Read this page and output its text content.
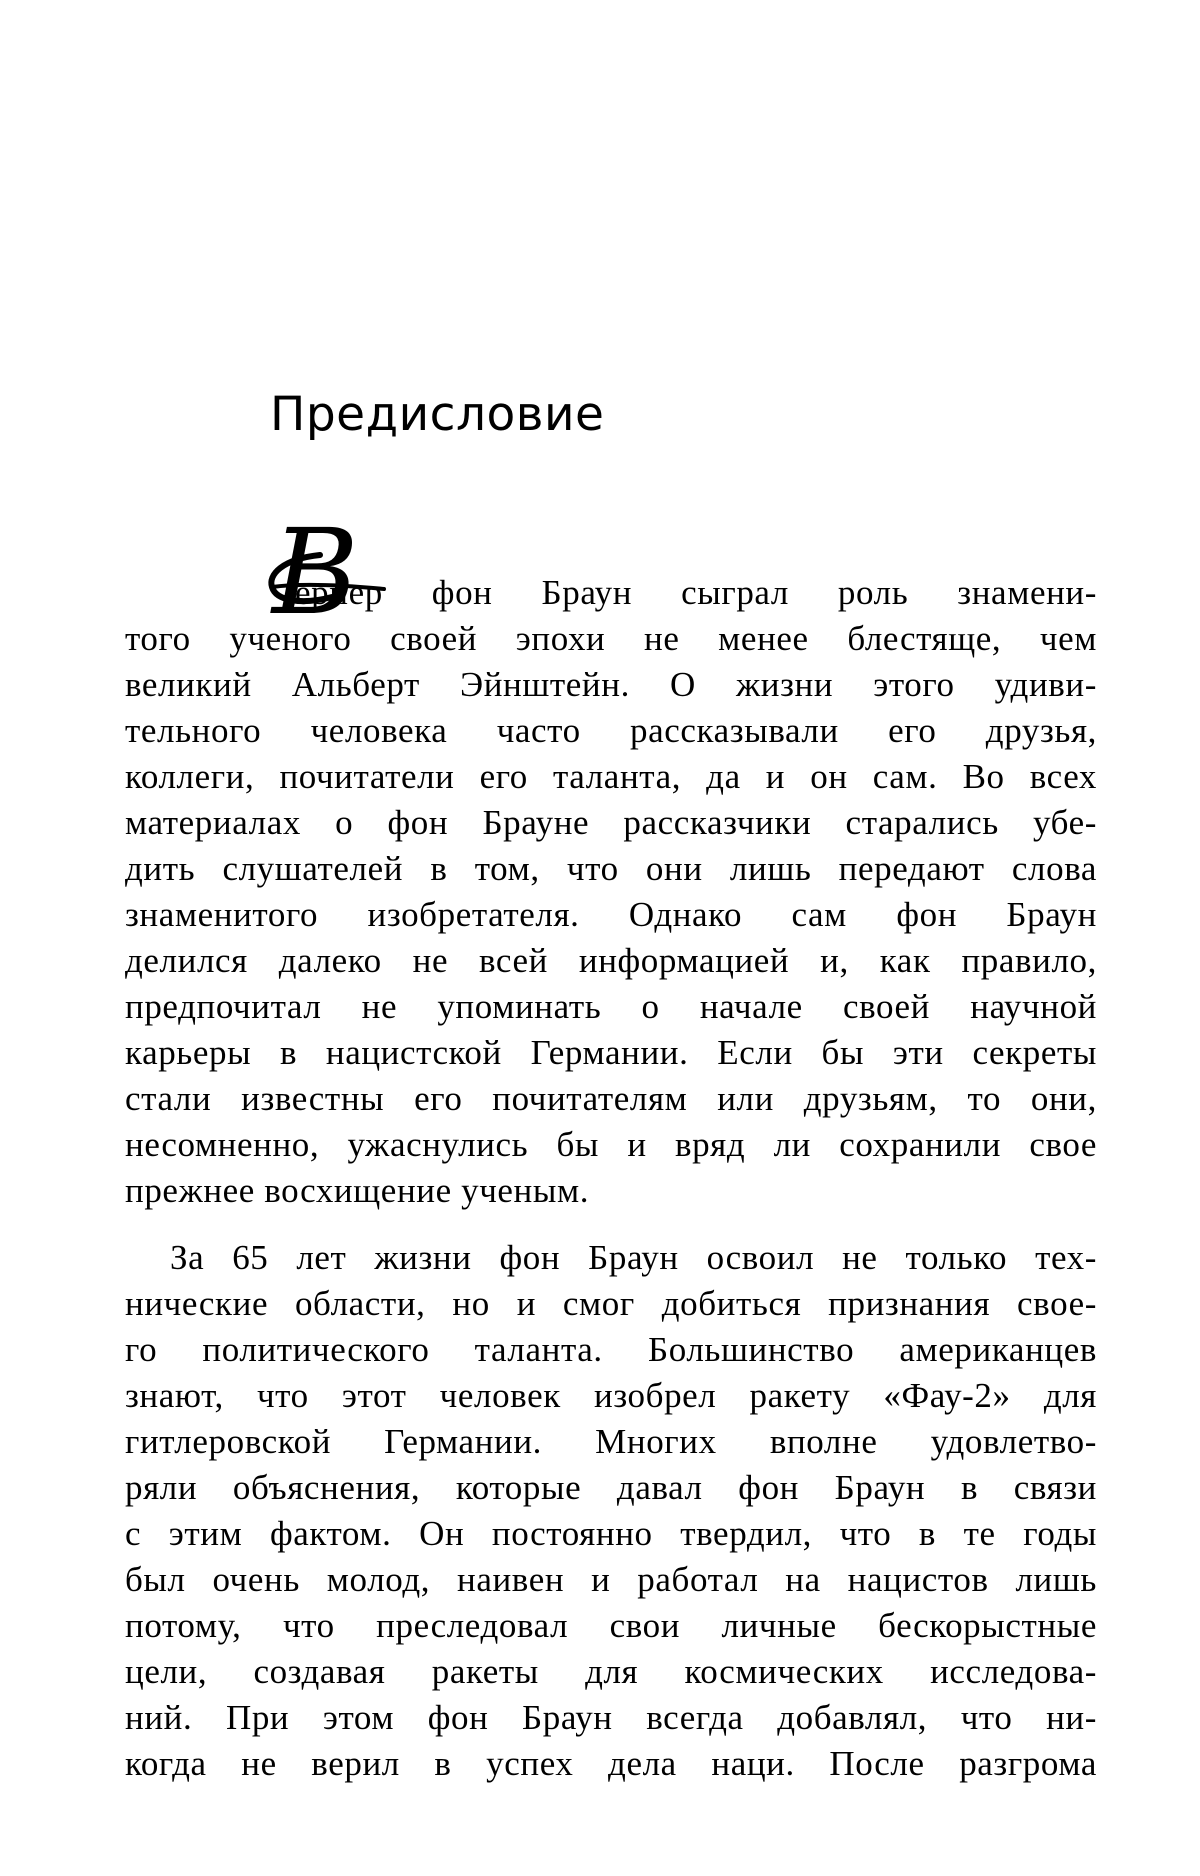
Предисловие
В
ернер фон Браун сыграл роль знамени-
того ученого своей эпохи не менее блестяще, чем
великий Альберт Эйнштейн. О жизни этого удиви-
тельного человека часто рассказывали его друзья,
коллеги, почитатели его таланта, да и он сам. Во всех
материалах о фон Брауне рассказчики старались убе-
дить слушателей в том, что они лишь передают слова
знаменитого изобретателя. Однако сам фон Браун
делился далеко не всей информацией и, как правило,
предпочитал не упоминать о начале своей научной
карьеры в нацистской Германии. Если бы эти секреты
стали известны его почитателям или друзьям, то они,
несомненно, ужаснулись бы и вряд ли сохранили свое
прежнее восхищение ученым.
За 65 лет жизни фон Браун освоил не только тех-
нические области, но и смог добиться признания свое-
го политического таланта. Большинство американцев
знают, что этот человек изобрел ракету «Фау-2» для
гитлеровской Германии. Многих вполне удовлетво-
ряли объяснения, которые давал фон Браун в связи
с этим фактом. Он постоянно твердил, что в те годы
был очень молод, наивен и работал на нацистов лишь
потому, что преследовал свои личные бескорыстные
цели, создавая ракеты для космических исследова-
ний. При этом фон Браун всегда добавлял, что ни-
когда не верил в успех дела наци. После разгрома
